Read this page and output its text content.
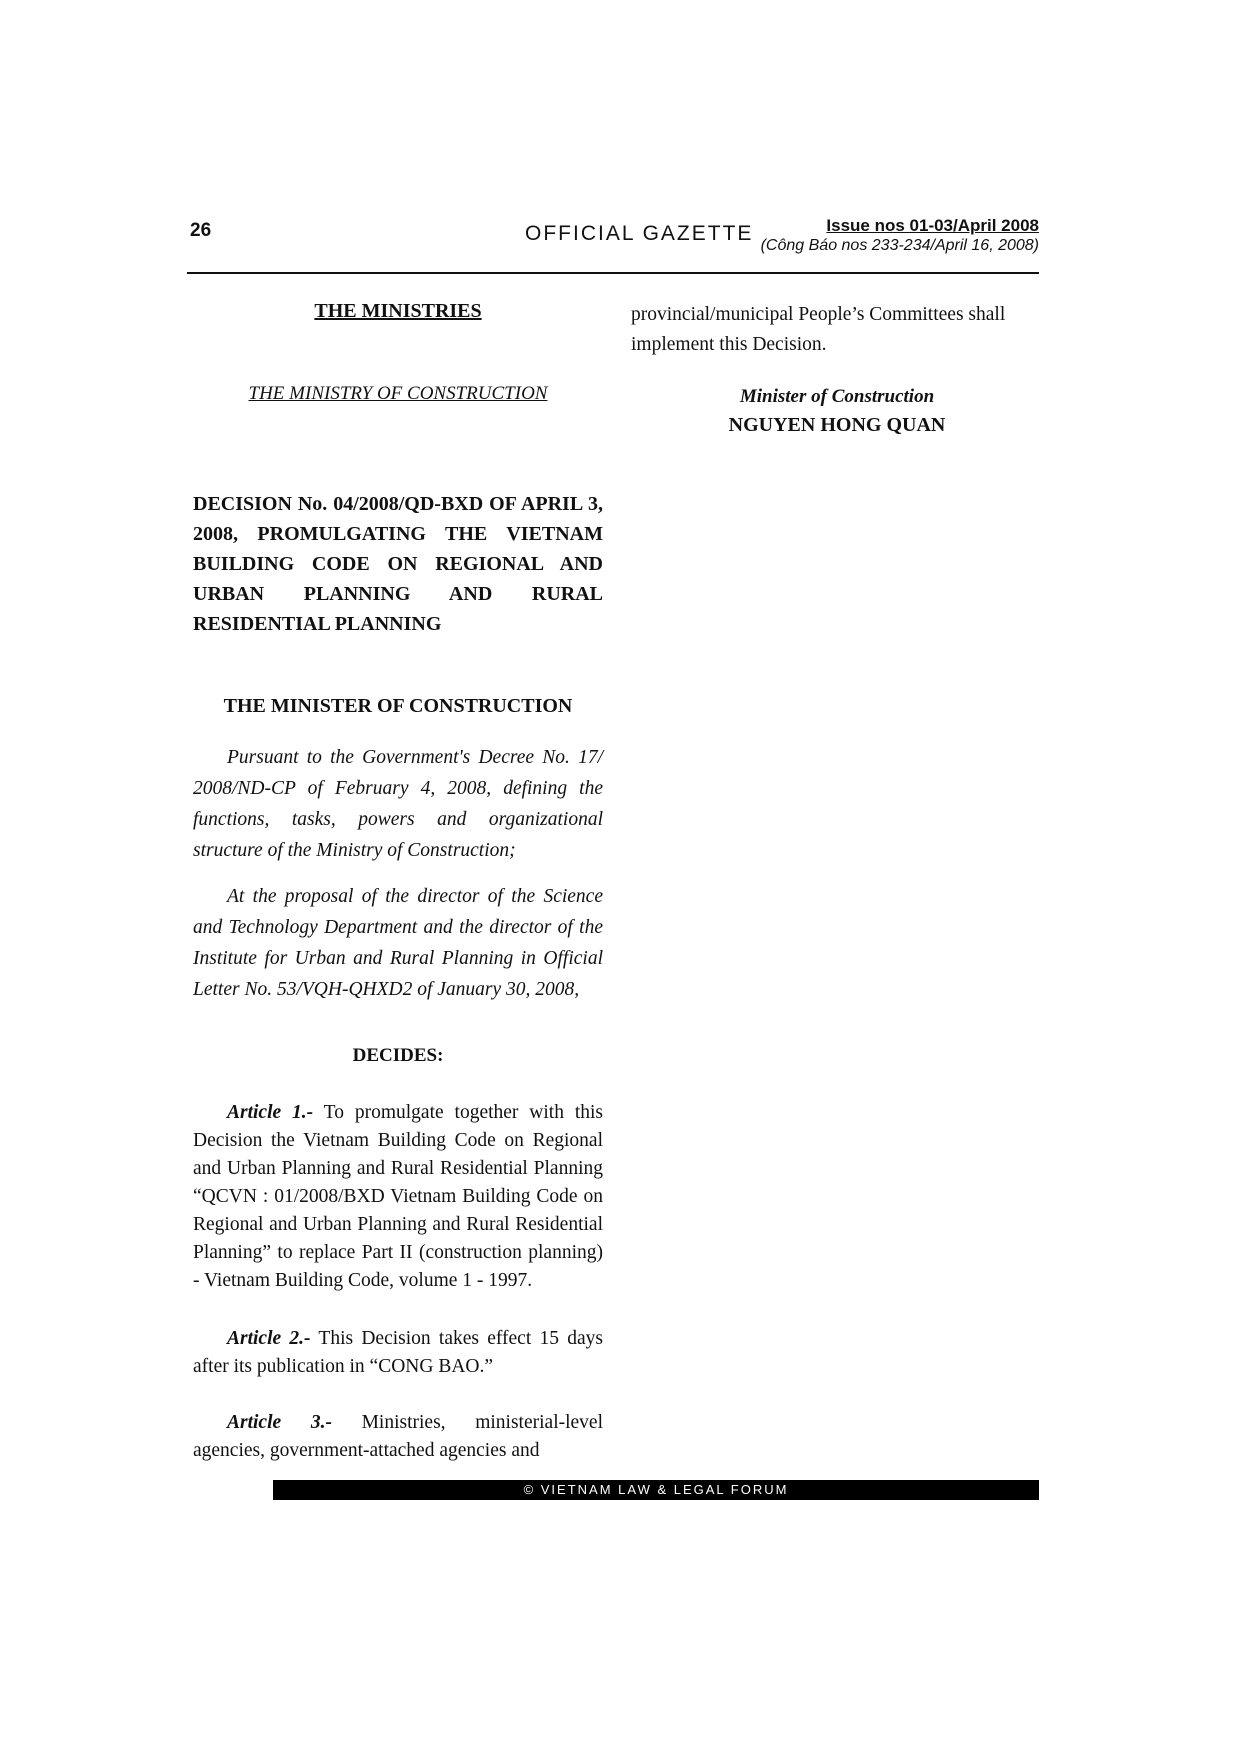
26	OFFICIAL GAZETTE	Issue nos 01-03/April 2008
(Công Báo nos 233-234/April 16, 2008)
THE MINISTRIES
THE MINISTRY OF CONSTRUCTION
DECISION No. 04/2008/QD-BXD OF APRIL 3, 2008, PROMULGATING THE VIETNAM BUILDING CODE ON REGIONAL AND URBAN PLANNING AND RURAL RESIDENTIAL PLANNING
THE MINISTER OF CONSTRUCTION

Pursuant to the Government's Decree No. 17/ 2008/ND-CP of February 4, 2008, defining the functions, tasks, powers and organizational structure of the Ministry of Construction;

At the proposal of the director of the Science and Technology Department and the director of the Institute for Urban and Rural Planning in Official Letter No. 53/VQH-QHXD2 of January 30, 2008,

DECIDES:

Article 1.- To promulgate together with this Decision the Vietnam Building Code on Regional and Urban Planning and Rural Residential Planning “QCVN : 01/2008/BXD Vietnam Building Code on Regional and Urban Planning and Rural Residential Planning” to replace Part II (construction planning) - Vietnam Building Code, volume 1 - 1997.

Article 2.- This Decision takes effect 15 days after its publication in “CONG BAO.”

Article 3.- Ministries, ministerial-level agencies, government-attached agencies and

provincial/municipal People’s Committees shall implement this Decision.

Minister of Construction
NGUYEN HONG QUAN
© VIETNAM LAW & LEGAL FORUM
